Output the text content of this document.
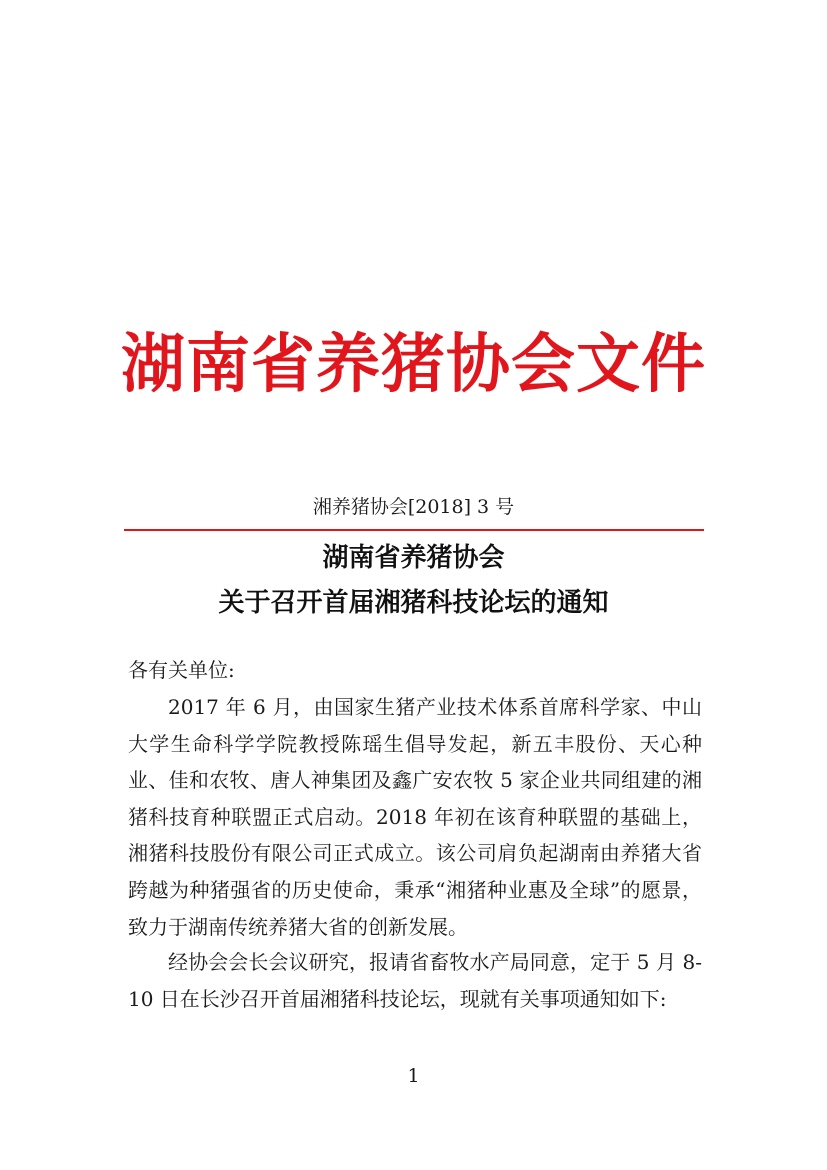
湖南省养猪协会文件
湘养猪协会[2018] 3 号
湖南省养猪协会
关于召开首届湘猪科技论坛的通知
各有关单位:
2017 年 6 月，由国家生猪产业技术体系首席科学家、中山大学生命科学学院教授陈瑶生倡导发起，新五丰股份、天心种业、佳和农牧、唐人神集团及鑫广安农牧 5 家企业共同组建的湘猪科技育种联盟正式启动。2018 年初在该育种联盟的基础上，湘猪科技股份有限公司正式成立。该公司肩负起湖南由养猪大省跨越为种猪强省的历史使命，秉承“湘猪种业惠及全球”的愿景，致力于湖南传统养猪大省的创新发展。
经协会会长会议研究，报请省畜牧水产局同意，定于 5 月 8-10 日在长沙召开首届湘猪科技论坛，现就有关事项通知如下:
1
